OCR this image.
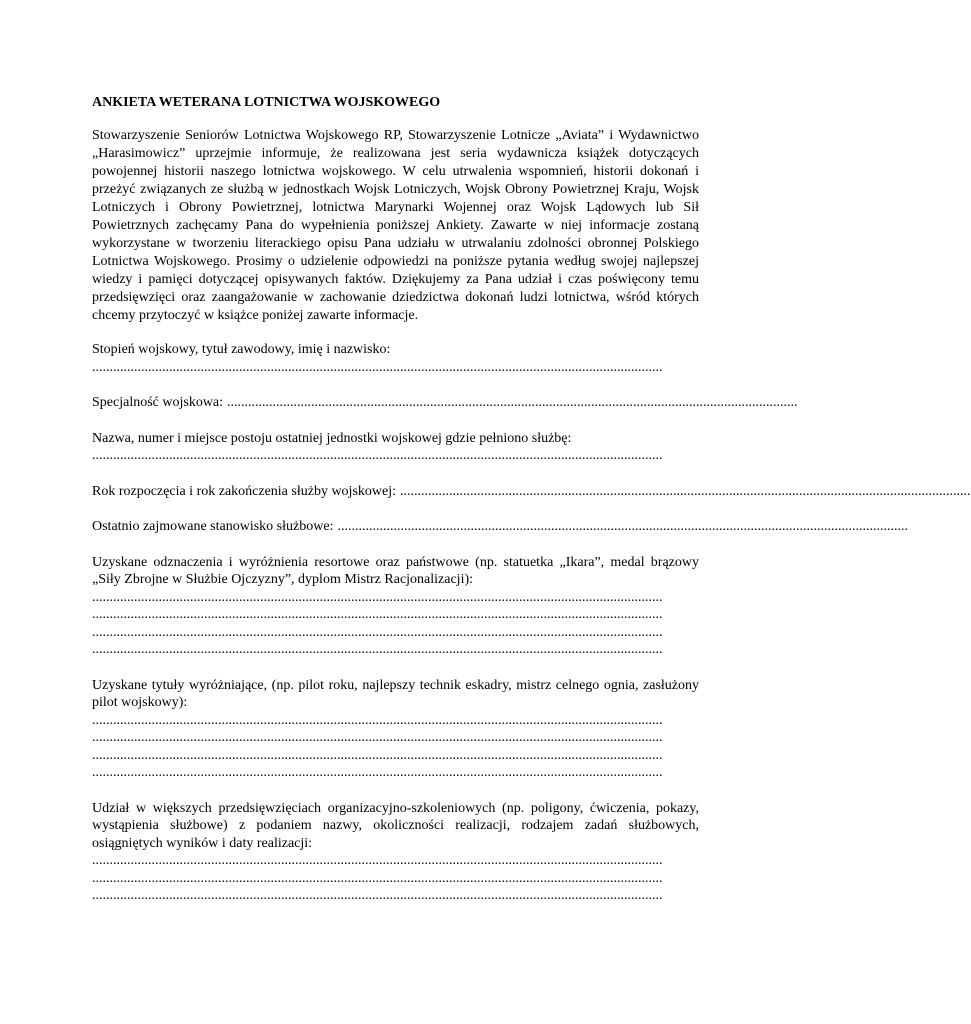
ANKIETA WETERANA LOTNICTWA WOJSKOWEGO

Stowarzyszenie Seniorów Lotnictwa Wojskowego RP, Stowarzyszenie Lotnicze „Aviata” i Wydawnictwo „Harasimowicz” uprzejmie informuje, że realizowana jest seria wydawnicza książek dotyczących powojennej historii naszego lotnictwa wojskowego. W celu utrwalenia wspomnień, historii dokonań i przeżyć związanych ze służbą w jednostkach Wojsk Lotniczych, Wojsk Obrony Powietrznej Kraju, Wojsk Lotniczych i Obrony Powietrznej, lotnictwa Marynarki Wojennej oraz Wojsk Lądowych lub Sił Powietrznych zachęcamy Pana do wypełnienia poniższej Ankiety. Zawarte w niej informacje zostaną wykorzystane w tworzeniu literackiego opisu Pana udziału w utrwalaniu zdolności obronnej Polskiego Lotnictwa Wojskowego. Prosimy o udzielenie odpowiedzi na poniższe pytania według swojej najlepszej wiedzy i pamięci dotyczącej opisywanych faktów. Dziękujemy za Pana udział i czas poświęcony temu przedsięwzięci oraz zaangażowanie w zachowanie dziedzictwa dokonań ludzi lotnictwa, wśród których chcemy przytoczyć w książce poniżej zawarte informacje.

Stopień wojskowy, tytuł zawodowy, imię i nazwisko:

...................................................................................................................................................................

Specjalność wojskowa: ...................................................................................................................................................................

Nazwa, numer i miejsce postoju ostatniej jednostki wojskowej gdzie pełniono służbę:

...................................................................................................................................................................

Rok rozpoczęcia i rok zakończenia służby wojskowej: ...................................................................................................................................................................
Ostatnio zajmowane stanowisko służbowe: ...................................................................................................................................................................

Uzyskane odznaczenia i wyróżnienia resortowe oraz państwowe (np. statuetka „Ikara”, medal brązowy „Siły Zbrojne w Służbie Ojczyzny”, dyplom Mistrz Racjonalizacji):

...................................................................................................................................................................

...................................................................................................................................................................

...................................................................................................................................................................

...................................................................................................................................................................

Uzyskane tytuły wyróżniające, (np. pilot roku, najlepszy technik eskadry, mistrz celnego ognia, zasłużony pilot wojskowy):

...................................................................................................................................................................

...................................................................................................................................................................

...................................................................................................................................................................

...................................................................................................................................................................

Udział w większych przedsięwzięciach organizacyjno-szkoleniowych (np. poligony, ćwiczenia, pokazy, wystąpienia służbowe) z podaniem nazwy, okoliczności realizacji, rodzajem zadań służbowych, osiągniętych wyników i daty realizacji:

...................................................................................................................................................................

...................................................................................................................................................................

...................................................................................................................................................................
